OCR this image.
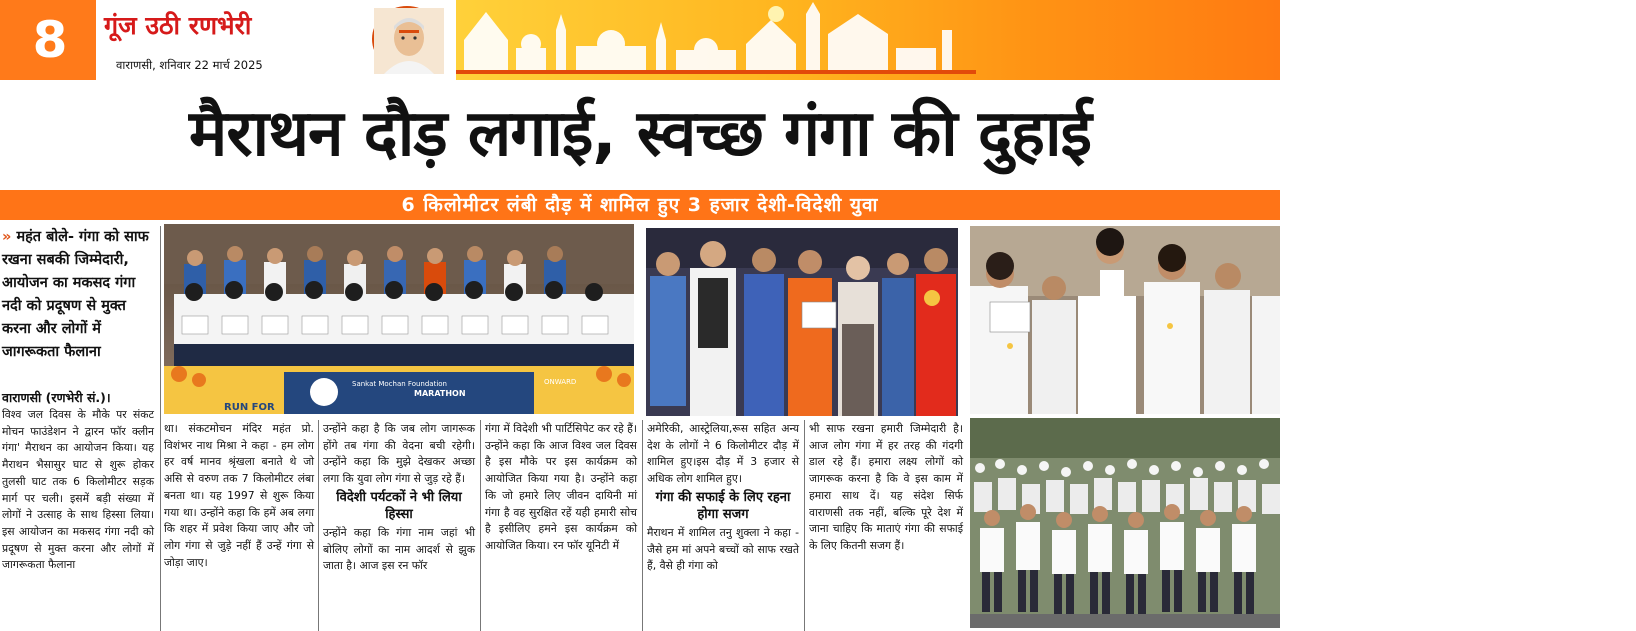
8	गूंज उठी रणभेरी
वाराणसी, शनिवार 22 मार्च 2025
बनारस
मैराथन दौड़ लगाई, स्वच्छ गंगा की दुहाई
6 किलोमीटर लंबी दौड़ में शामिल हुए 3 हजार देशी-विदेशी युवा
» महंत बोले- गंगा को साफ रखना सबकी जिम्मेदारी, आयोजन का मकसद गंगा नदी को प्रदूषण से मुक्त करना और लोगों में जागरूकता फैलाना
वाराणसी (रणभेरी सं.)।
विश्व जल दिवस के मौके पर संकट मोचन फाउंडेशन ने द्वारन फॉर क्लीन गंगा' मैराथन का आयोजन किया। यह मैराथन भैसासुर घाट से शुरू होकर तुलसी घाट तक 6 किलोमीटर सड़क मार्ग पर चली। इसमें बड़ी संख्या में लोगों ने उत्साह के साथ हिस्सा लिया। इस आयोजन का मकसद गंगा नदी को प्रदूषण से मुक्त करना और लोगों में जागरूकता फैलाना
Sankat Mochan Foundation
MARATHON
RUN FOR
ONWARD
था। संकटमोचन मंदिर महंत प्रो. विशंभर नाथ मिश्रा ने कहा - हम लोग हर वर्ष मानव श्रृंखला बनाते थे जो असि से वरुण तक 7 किलोमीटर लंबा बनता था। यह 1997 से शुरू किया गया था। उन्होंने कहा कि हमें अब लगा कि शहर में प्रवेश किया जाए और जो लोग गंगा से जुड़े नहीं हैं उन्हें गंगा से जोड़ा जाए।
उन्होंने कहा है कि जब लोग जागरूक होंगे तब गंगा की वेदना बची रहेगी। उन्होंने कहा कि मुझे देखकर अच्छा लगा कि युवा लोग गंगा से जुड़ रहे हैं।
विदेशी पर्यटकों ने भी लिया हिस्सा
उन्होंने कहा कि गंगा नाम जहां भी बोलिए लोगों का नाम आदर्श से झुक जाता है। आज इस रन फॉर
गंगा में विदेशी भी पार्टिसिपेट कर रहे हैं। उन्होंने कहा कि आज विश्व जल दिवस है इस मौके पर इस कार्यक्रम को आयोजित किया गया है। उन्होंने कहा कि जो हमारे लिए जीवन दायिनी मां गंगा है वह सुरक्षित रहें यही हमारी सोच है इसीलिए हमने इस कार्यक्रम को आयोजित किया। रन फॉर यूनिटी में
अमेरिकी, आस्ट्रेलिया,रूस सहित अन्य देश के लोगों ने 6 किलोमीटर दौड़ में शामिल हुए।इस दौड़ में 3 हजार से अधिक लोग शामिल हुए।
गंगा की सफाई के लिए रहना होगा सजग
मैराथन में शामिल तनु शुक्ला ने कहा - जैसे हम मां अपने बच्चों को साफ रखते हैं, वैसे ही गंगा को
भी साफ रखना हमारी जिम्मेदारी है। आज लोग गंगा में हर तरह की गंदगी डाल रहे हैं। हमारा लक्ष्य लोगों को जागरूक करना है कि वे इस काम में हमारा साथ दें। यह संदेश सिर्फ वाराणसी तक नहीं, बल्कि पूरे देश में जाना चाहिए कि माताएं गंगा की सफाई के लिए कितनी सजग हैं।
